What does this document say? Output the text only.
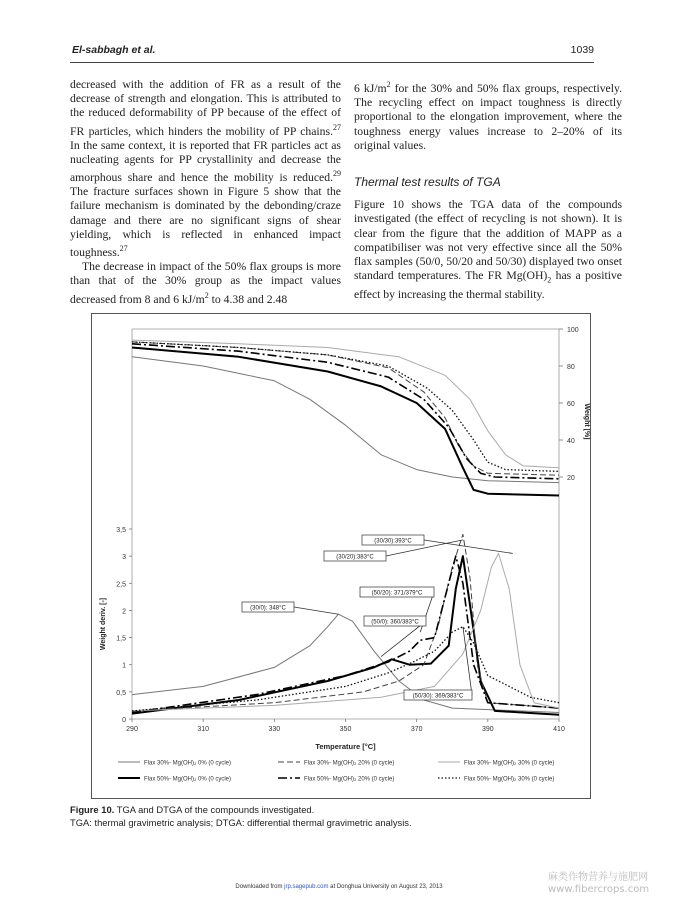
El-sabbagh et al.	1039

decreased with the addition of FR as a result of the decrease of strength and elongation. This is attributed to the reduced deformability of PP because of the effect of FR particles, which hinders the mobility of PP chains.$^{27}$ In the same context, it is reported that FR particles act as nucleating agents for PP crystallinity and decrease the amorphous share and hence the mobility is reduced.$^{29}$ The fracture surfaces shown in Figure 5 show that the failure mechanism is dominated by the debonding/craze damage and there are no significant signs of shear yielding, which is reflected in enhanced impact toughness.$^{27}$

The decrease in impact of the 50% flax groups is more than that of the 30% group as the impact values decreased from 8 and 6 $kJ/m^2$ to 4.38 and 2.48

6 $kJ/m^2$ for the 30% and 50% flax groups, respectively. The recycling effect on impact toughness is directly proportional to the elongation improvement, where the toughness energy values increase to 2–20% of its original values.

Thermal test results of TGA

Figure 10 shows the TGA data of the compounds investigated (the effect of recycling is not shown). It is clear from the figure that the addition of MAPP as a compatibiliser was not very effective since all the 50% flax samples (50/0, 50/20 and 50/30) displayed two onset standard temperatures. The FR $Mg(OH)_2$ has a positive effect by increasing the thermal stability.

100
80
60
40
20
Weight [%]
0
0,5
1
1,5
2
2,5
3
3,5
Weight deriv. [-]
290	310	330	350	370	390	410
Temperature [°C]
(30/30):393°C
(30/20):383°C
(50/20): 371/379°C
(50/0): 360/383°C
(30/0): 348°C
(50/30): 369/383°C
Flax 30%- Mg(OH)₂ 0% (0 cycle)
Flax 50%- Mg(OH)₂ 0% (0 cycle)
Flax 30%- Mg(OH)₂ 20% (0 cycle)
Flax 50%- Mg(OH)₂ 20% (0 cycle)
Flax 30%- Mg(OH)₂ 30% (0 cycle)
Flax 50%- Mg(OH)₂ 30% (0 cycle)
Figure 10. TGA and DTGA of the compounds investigated.
TGA: thermal gravimetric analysis; DTGA: differential thermal gravimetric analysis.
Downloaded from jrp.sagepub.com at Donghua University on August 23, 2013
麻类作物营养与施肥网
www.fibercrops.com
